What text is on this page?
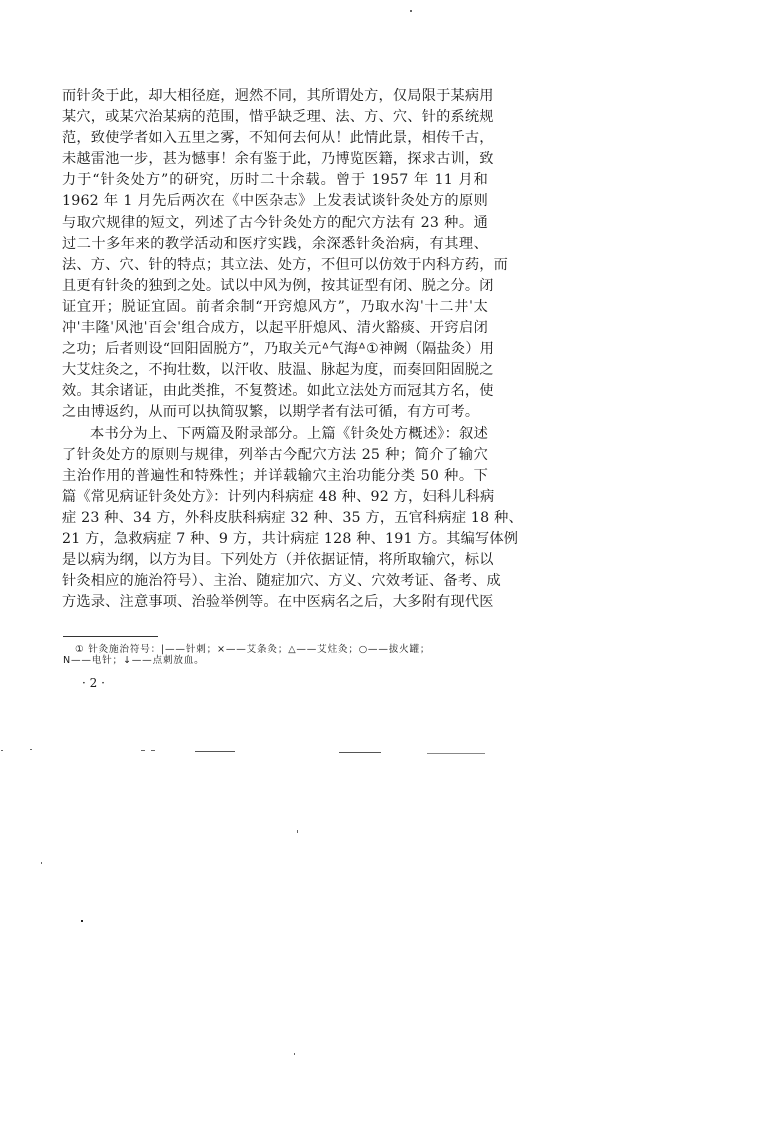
而针灸于此，却大相径庭，迥然不同，其所谓处方，仅局限于某病用
某穴，或某穴治某病的范围，惜乎缺乏理、法、方、穴、针的系统规
范，致使学者如入五里之雾，不知何去何从！此情此景，相传千古，
未越雷池一步，甚为憾事！余有鉴于此，乃博览医籍，探求古训，致
力于“针灸处方”的研究，历时二十余载。曾于 1957 年 11 月和
1962 年 1 月先后两次在《中医杂志》上发表试谈针灸处方的原则
与取穴规律的短文，列述了古今针灸处方的配穴方法有 23 种。通
过二十多年来的教学活动和医疗实践，余深悉针灸治病，有其理、
法、方、穴、针的特点；其立法、处方，不但可以仿效于内科方药，而
且更有针灸的独到之处。试以中风为例，按其证型有闭、脱之分。闭
证宜开；脱证宜固。前者余制“开窍熄风方”，乃取水沟ˈ十二井ˈ太
冲ˈ丰隆ˈ风池ˈ百会ˈ组合成方，以起平肝熄风、清火豁痰、开窍启闭
之功；后者则设“回阳固脱方”，乃取关元ᐞ气海ᐞ①神阙（隔盐灸）用
大艾炷灸之，不拘壮数，以汗收、肢温、脉起为度，而奏回阳固脱之
效。其余诸证，由此类推，不复赘述。如此立法处方而冠其方名，使
之由博返约，从而可以执简驭繁，以期学者有法可循，有方可考。
本书分为上、下两篇及附录部分。上篇《针灸处方概述》：叙述
了针灸处方的原则与规律，列举古今配穴方法 25 种；简介了输穴
主治作用的普遍性和特殊性；并详载输穴主治功能分类 50 种。下
篇《常见病证针灸处方》：计列内科病症 48 种、92 方，妇科儿科病
症 23 种、34 方，外科皮肤科病症 32 种、35 方，五官科病症 18 种、
21 方，急救病症 7 种、9 方，共计病症 128 种、191 方。其编写体例
是以病为纲，以方为目。下列处方（并依据证情，将所取输穴，标以
针灸相应的施治符号）、主治、随症加穴、方义、穴效考证、备考、成
方选录、注意事项、治验举例等。在中医病名之后，大多附有现代医
① 针灸施治符号：|——针刺；×——艾条灸；△——艾炷灸；○——拔火罐；
N——电针；↓——点刺放血。
· 2 ·
